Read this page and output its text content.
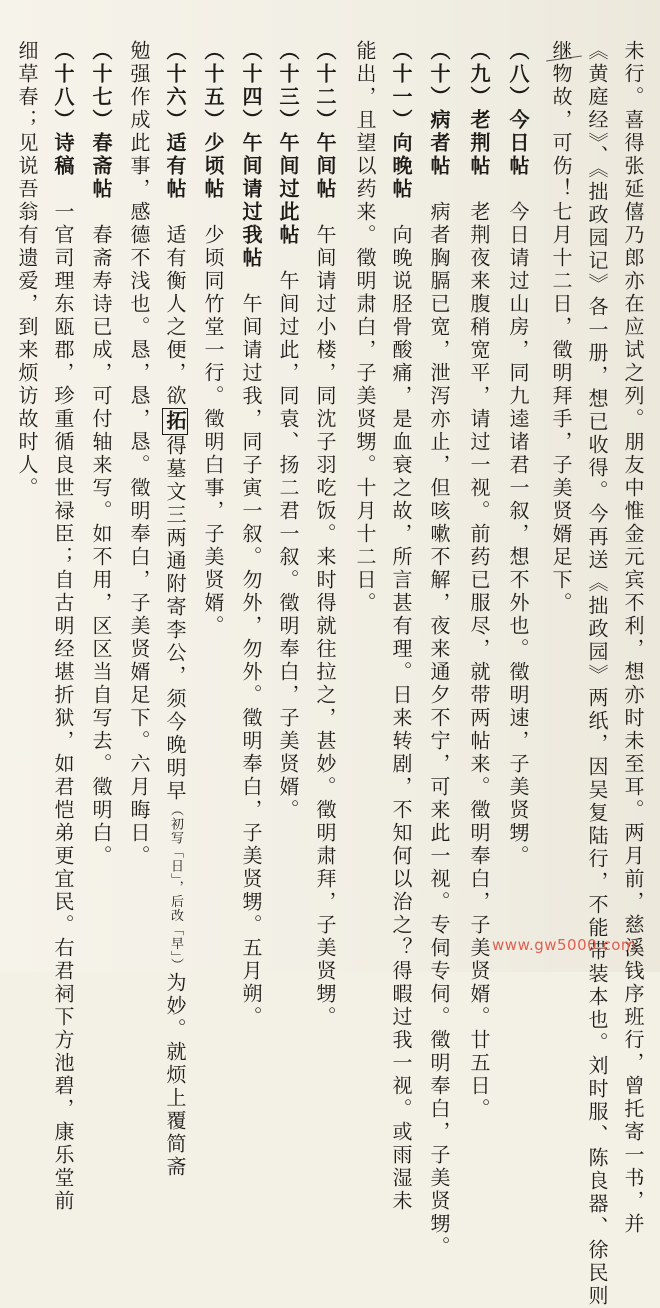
未行。喜得张延僖乃郎亦在应试之列。朋友中惟金元宾不利，想亦时未至耳。两月前，慈溪钱序班行，曾托寄一书，并
《黄庭经》、《拙政园记》各一册，想已收得。今再送《拙政园》两纸，因吴复陆行，不能带装本也。刘时服、陈良器、徐民则
继物故，可伤！七月十二日，徵明拜手，子美贤婿足下。
（八）今日帖　今日请过山房，同九逵诸君一叙，想不外也。徵明速，子美贤甥。
（九）老荆帖　老荆夜来腹稍宽平，请过一视。前药已服尽，就带两帖来。徵明奉白，子美贤婿。廿五日。
（十）病者帖　病者胸膈已宽，泄泻亦止，但咳嗽不解，夜来通夕不宁，可来此一视。专伺专伺。徵明奉白，子美贤甥。
（十一）向晚帖　向晚说胫骨酸痛，是血衰之故，所言甚有理。日来转剧，不知何以治之？得暇过我一视。或雨湿未
能出，且望以药来。徵明肃白，子美贤甥。十月十二日。
（十二）午间帖　午间请过小楼，同沈子羽吃饭。来时得就往拉之，甚妙。徵明肃拜，子美贤甥。
（十三）午间过此帖　午间过此，同袁、扬二君一叙。徵明奉白，子美贤婿。
（十四）午间请过我帖　午间请过我，同子寅一叙。勿外，勿外。徵明奉白，子美贤甥。五月朔。
（十五）少顷帖　少顷同竹堂一行。徵明白事，子美贤婿。
（十六）适有帖　适有衡人之便，欲拓得墓文三两通附寄李公，须今晚明早（初写「日」，后改「早」）为妙。就烦上覆简斋
勉强作成此事，感德不浅也。恳，恳，恳。徵明奉白，子美贤婿足下。六月晦日。
（十七）春斋帖　春斋寿诗已成，可付轴来写。如不用，区区当自写去。徵明白。
（十八）诗稿　一官司理东瓯郡，珍重循良世禄臣；自古明经堪折狱，如君恺弟更宜民。右君祠下方池碧，康乐堂前
细草春；见说吾翁有遗爱，到来烦访故时人。
www.gw5000.com
